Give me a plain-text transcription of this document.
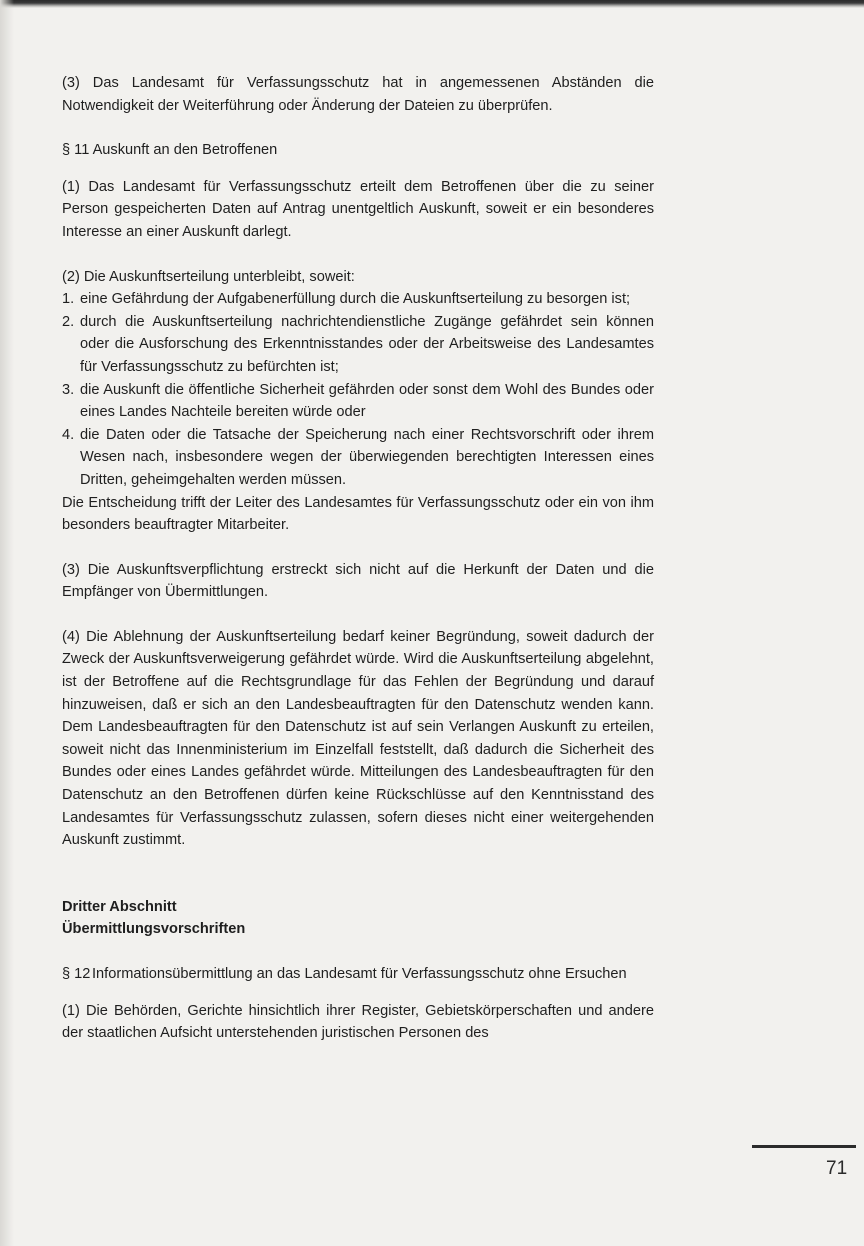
(3) Das Landesamt für Verfassungsschutz hat in angemessenen Abständen die Notwendigkeit der Weiterführung oder Änderung der Dateien zu überprüfen.

§ 11 Auskunft an den Betroffenen

(1) Das Landesamt für Verfassungsschutz erteilt dem Betroffenen über die zu seiner Person gespeicherten Daten auf Antrag unentgeltlich Auskunft, soweit er ein besonderes Interesse an einer Auskunft darlegt.

(2) Die Auskunftserteilung unterbleibt, soweit:

1. eine Gefährdung der Aufgabenerfüllung durch die Auskunftserteilung zu besorgen ist;
2. durch die Auskunftserteilung nachrichtendienstliche Zugänge gefährdet sein können oder die Ausforschung des Erkenntnisstandes oder der Arbeitsweise des Landesamtes für Verfassungsschutz zu befürchten ist;
3. die Auskunft die öffentliche Sicherheit gefährden oder sonst dem Wohl des Bundes oder eines Landes Nachteile bereiten würde oder
4. die Daten oder die Tatsache der Speicherung nach einer Rechtsvorschrift oder ihrem Wesen nach, insbesondere wegen der überwiegenden berechtigten Interessen eines Dritten, geheimgehalten werden müssen.

Die Entscheidung trifft der Leiter des Landesamtes für Verfassungsschutz oder ein von ihm besonders beauftragter Mitarbeiter.

(3) Die Auskunftsverpflichtung erstreckt sich nicht auf die Herkunft der Daten und die Empfänger von Übermittlungen.

(4) Die Ablehnung der Auskunftserteilung bedarf keiner Begründung, soweit dadurch der Zweck der Auskunftsverweigerung gefährdet würde. Wird die Auskunftserteilung abgelehnt, ist der Betroffene auf die Rechtsgrundlage für das Fehlen der Begründung und darauf hinzuweisen, daß er sich an den Landesbeauftragten für den Datenschutz wenden kann. Dem Landesbeauftragten für den Datenschutz ist auf sein Verlangen Auskunft zu erteilen, soweit nicht das Innenministerium im Einzelfall feststellt, daß dadurch die Sicherheit des Bundes oder eines Landes gefährdet würde. Mitteilungen des Landesbeauftragten für den Datenschutz an den Betroffenen dürfen keine Rückschlüsse auf den Kenntnisstand des Landesamtes für Verfassungsschutz zulassen, sofern dieses nicht einer weitergehenden Auskunft zustimmt.

Dritter Abschnitt

Übermittlungsvorschriften

§ 12 Informationsübermittlung an das Landesamt für Verfassungsschutz ohne Ersuchen

(1) Die Behörden, Gerichte hinsichtlich ihrer Register, Gebietskörperschaften und andere der staatlichen Aufsicht unterstehenden juristischen Personen des

71
